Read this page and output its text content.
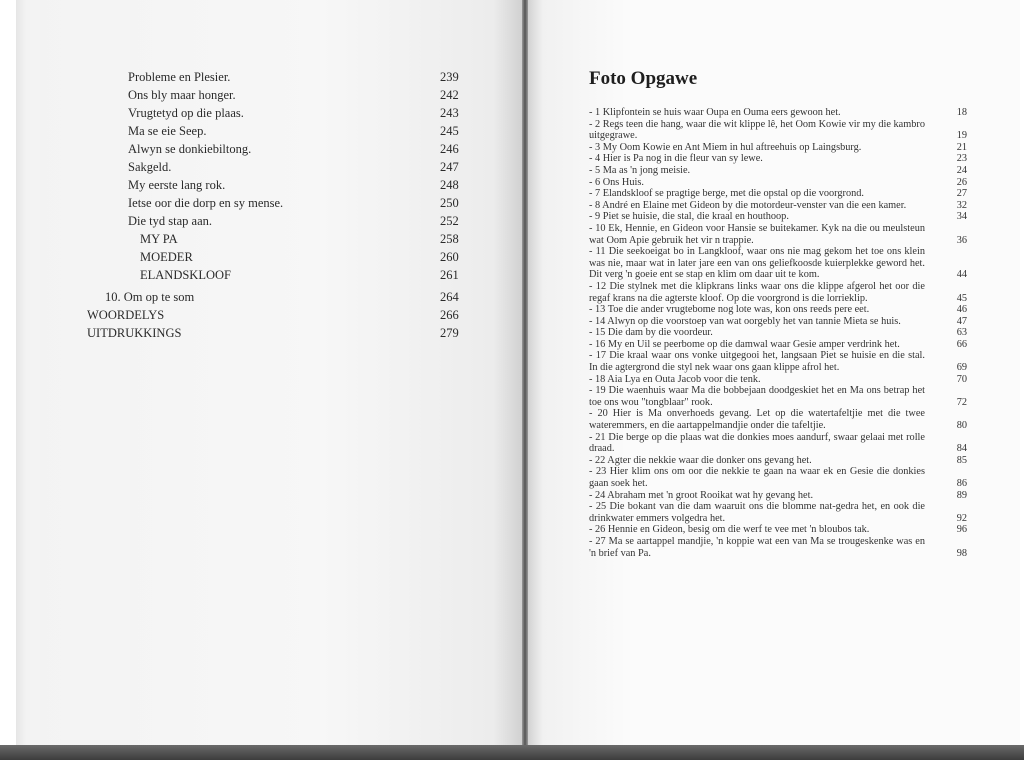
Probleme en Plesier.	239
Ons bly maar honger.	242
Vrugtetyd op die plaas.	243
Ma se eie Seep.	245
Alwyn se donkiebiltong.	246
Sakgeld.	247
My eerste lang rok.	248
Ietse oor die dorp en sy mense.	250
Die tyd stap aan.	252
MY PA	258
MOEDER	260
ELANDSKLOOF	261
10. Om op te som	264
WOORDELYS	266
UITDRUKKINGS	279
Foto Opgawe
- 1 Klipfontein se huis waar Oupa en Ouma eers gewoon het.	18
- 2 Regs teen die hang, waar die wit klippe lê, het Oom Kowie vir my die kambro uitgegrawe.	19
- 3 My Oom Kowie en Ant Miem in hul aftreehuis op Laingsburg.	21
- 4 Hier is Pa nog in die fleur van sy lewe.	23
- 5 Ma as 'n jong meisie.	24
- 6 Ons Huis.	26
- 7 Elandskloof se pragtige berge, met die opstal op die voorgrond.	27
- 8 André en Elaine met Gideon by die motordeur-venster van die een kamer.	32
- 9 Piet se huisie, die stal, die kraal en houthoop.	34
- 10 Ek, Hennie, en Gideon voor Hansie se buitekamer. Kyk na die ou meulsteun wat Oom Apie gebruik het vir n trappie.	36
- 11 Die seekoeigat bo in Langkloof, waar ons nie mag gekom het toe ons klein was nie, maar wat in later jare een van ons geliefkoosde kuierplekke geword het. Dit verg 'n goeie ent se stap en klim om daar uit te kom.	44
- 12 Die stylnek met die klipkrans links waar ons die klippe afgerol het oor die regaf krans na die agterste kloof. Op die voorgrond is die lorrieklip.	45
- 13 Toe die ander vrugtebome nog lote was, kon ons reeds pere eet.	46
- 14 Alwyn op die voorstoep van wat oorgebly het van tannie Mieta se huis.	47
- 15 Die dam by die voordeur.	63
- 16 My en Uil se peerbome op die damwal waar Gesie amper verdrink het.	66
- 17 Die kraal waar ons vonke uitgegooi het, langsaan Piet se huisie en die stal. In die agtergrond die styl nek waar ons gaan klippe afrol het.	69
- 18 Aia Lya en Outa Jacob voor die tenk.	70
- 19 Die waenhuis waar Ma die bobbejaan doodgeskiet het en Ma ons betrap het toe ons wou "tongblaar" rook.	72
- 20 Hier is Ma onverhoeds gevang. Let op die watertafeltjie met die twee wateremmers, en die aartappelmandjie onder die tafeltjie.	80
- 21 Die berge op die plaas wat die donkies moes aandurf, swaar gelaai met rolle draad.	84
- 22 Agter die nekkie waar die donker ons gevang het.	85
- 23 Hier klim ons om oor die nekkie te gaan na waar ek en Gesie die donkies gaan soek het.	86
- 24 Abraham met 'n groot Rooikat wat hy gevang het.	89
- 25 Die bokant van die dam waaruit ons die blomme nat-gedra het, en ook die drinkwater emmers volgedra het.	92
- 26 Hennie en Gideon, besig om die werf te vee met 'n bloubos tak.	96
- 27 Ma se aartappel mandjie, 'n koppie wat een van Ma se trougeskenke was en 'n brief van Pa.	98
